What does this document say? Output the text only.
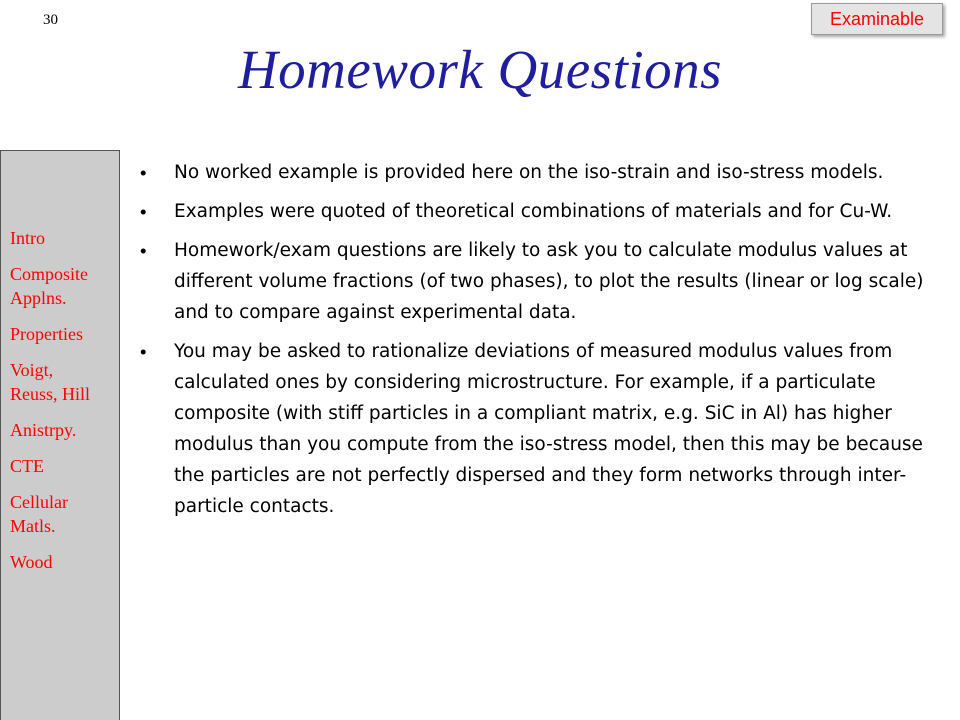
30	Examinable
Homework Questions
Intro
Composite Applns.
Properties
Voigt, Reuss, Hill
Anistrpy.
CTE
Cellular Matls.
Wood
• No worked example is provided here on the iso-strain and iso-stress models.
• Examples were quoted of theoretical combinations of materials and for Cu-W.
• Homework/exam questions are likely to ask you to calculate modulus values at different volume fractions (of two phases), to plot the results (linear or log scale) and to compare against experimental data.
• You may be asked to rationalize deviations of measured modulus values from calculated ones by considering microstructure. For example, if a particulate composite (with stiff particles in a compliant matrix, e.g. SiC in Al) has higher modulus than you compute from the iso-stress model, then this may be because the particles are not perfectly dispersed and they form networks through inter-particle contacts.
